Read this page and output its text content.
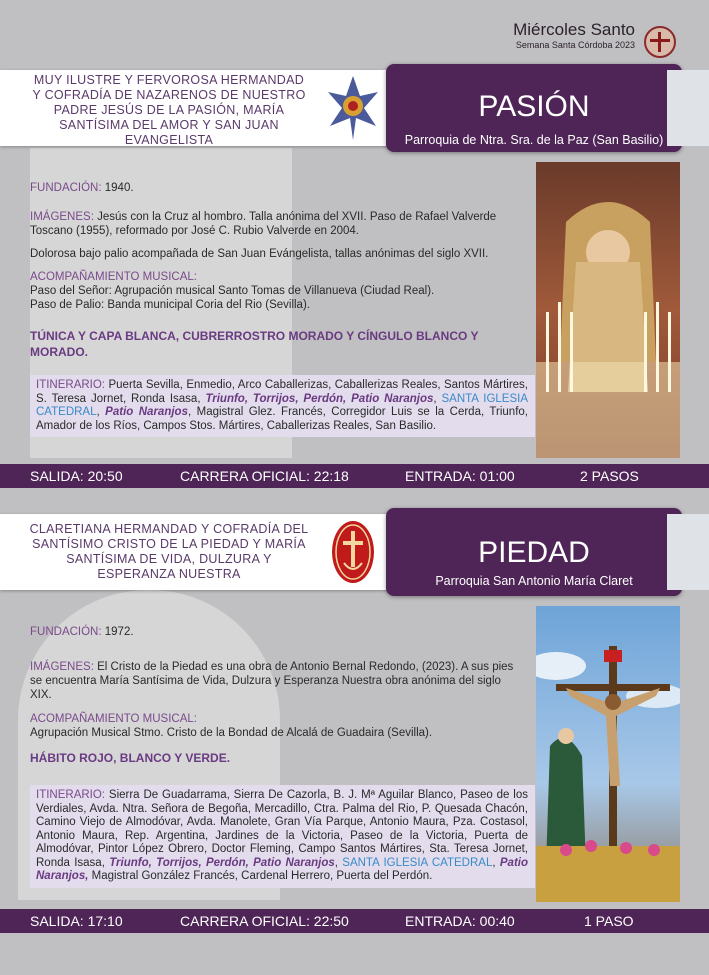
Miércoles Santo
Semana Santa Córdoba 2023
MUY ILUSTRE Y FERVOROSA HERMANDAD Y COFRADÍA DE NAZARENOS DE NUESTRO PADRE JESÚS DE LA PASIÓN, MARÍA SANTÍSIMA DEL AMOR Y SAN JUAN EVANGELISTA
PASIÓN
Parroquia de Ntra. Sra. de la Paz (San Basilio)
FUNDACIÓN: 1940.
IMÁGENES: Jesús con la Cruz al hombro. Talla anónima del XVII. Paso de Rafael Valverde Toscano (1955), reformado por José C. Rubio Valverde en 2004.
Dolorosa bajo palio acompañada de San Juan Evángelista, tallas anónimas del siglo XVII.
ACOMPAÑAMIENTO MUSICAL:
Paso del Señor: Agrupación musical Santo Tomas de Villanueva (Ciudad Real).
Paso de Palio: Banda municipal Coria del Rio (Sevilla).
TÚNICA Y CAPA BLANCA, CUBRERROSTRO MORADO Y CÍNGULO BLANCO Y MORADO.
ITINERARIO: Puerta Sevilla, Enmedio, Arco Caballerizas, Caballerizas Reales, Santos Mártires, S. Teresa Jornet, Ronda Isasa, Triunfo, Torrijos, Perdón, Patio Naranjos, SANTA IGLESIA CATEDRAL, Patio Naranjos, Magistral Glez. Francés, Corregidor Luis se la Cerda, Triunfo, Amador de los Ríos, Campos Stos. Mártires, Caballerizas Reales, San Basilio.
SALIDA: 20:50	CARRERA OFICIAL: 22:18	ENTRADA: 01:00	2 PASOS
CLARETIANA HERMANDAD Y COFRADÍA DEL SANTÍSIMO CRISTO DE LA PIEDAD Y MARÍA SANTÍSIMA DE VIDA, DULZURA Y ESPERANZA NUESTRA
PIEDAD
Parroquia San Antonio María Claret
FUNDACIÓN: 1972.
IMÁGENES: El Cristo de la Piedad es una obra de Antonio Bernal Redondo, (2023). A sus pies se encuentra María Santísima de Vida, Dulzura y Esperanza Nuestra obra anónima del siglo XIX.
ACOMPAÑAMIENTO MUSICAL:
Agrupación Musical Stmo. Cristo de la Bondad de Alcalá de Guadaira (Sevilla).
HÁBITO ROJO, BLANCO Y VERDE.
ITINERARIO: Sierra De Guadarrama, Sierra De Cazorla, B. J. Mª Aguilar Blanco, Paseo de los Verdiales, Avda. Ntra. Señora de Begoña, Mercadillo, Ctra. Palma del Rio, P. Quesada Chacón, Camino Viejo de Almodóvar, Avda. Manolete, Gran Vía Parque, Antonio Maura, Pza. Costasol, Antonio Maura, Rep. Argentina, Jardines de la Victoria, Paseo de la Victoria, Puerta de Almodóvar, Pintor López Obrero, Doctor Fleming, Campo Santos Mártires, Sta. Teresa Jornet, Ronda Isasa, Triunfo, Torrijos, Perdón, Patio Naranjos, SANTA IGLESIA CATEDRAL, Patio Naranjos, Magistral González Francés, Cardenal Herrero, Puerta del Perdón.
SALIDA: 17:10	CARRERA OFICIAL: 22:50	ENTRADA: 00:40	1 PASO
